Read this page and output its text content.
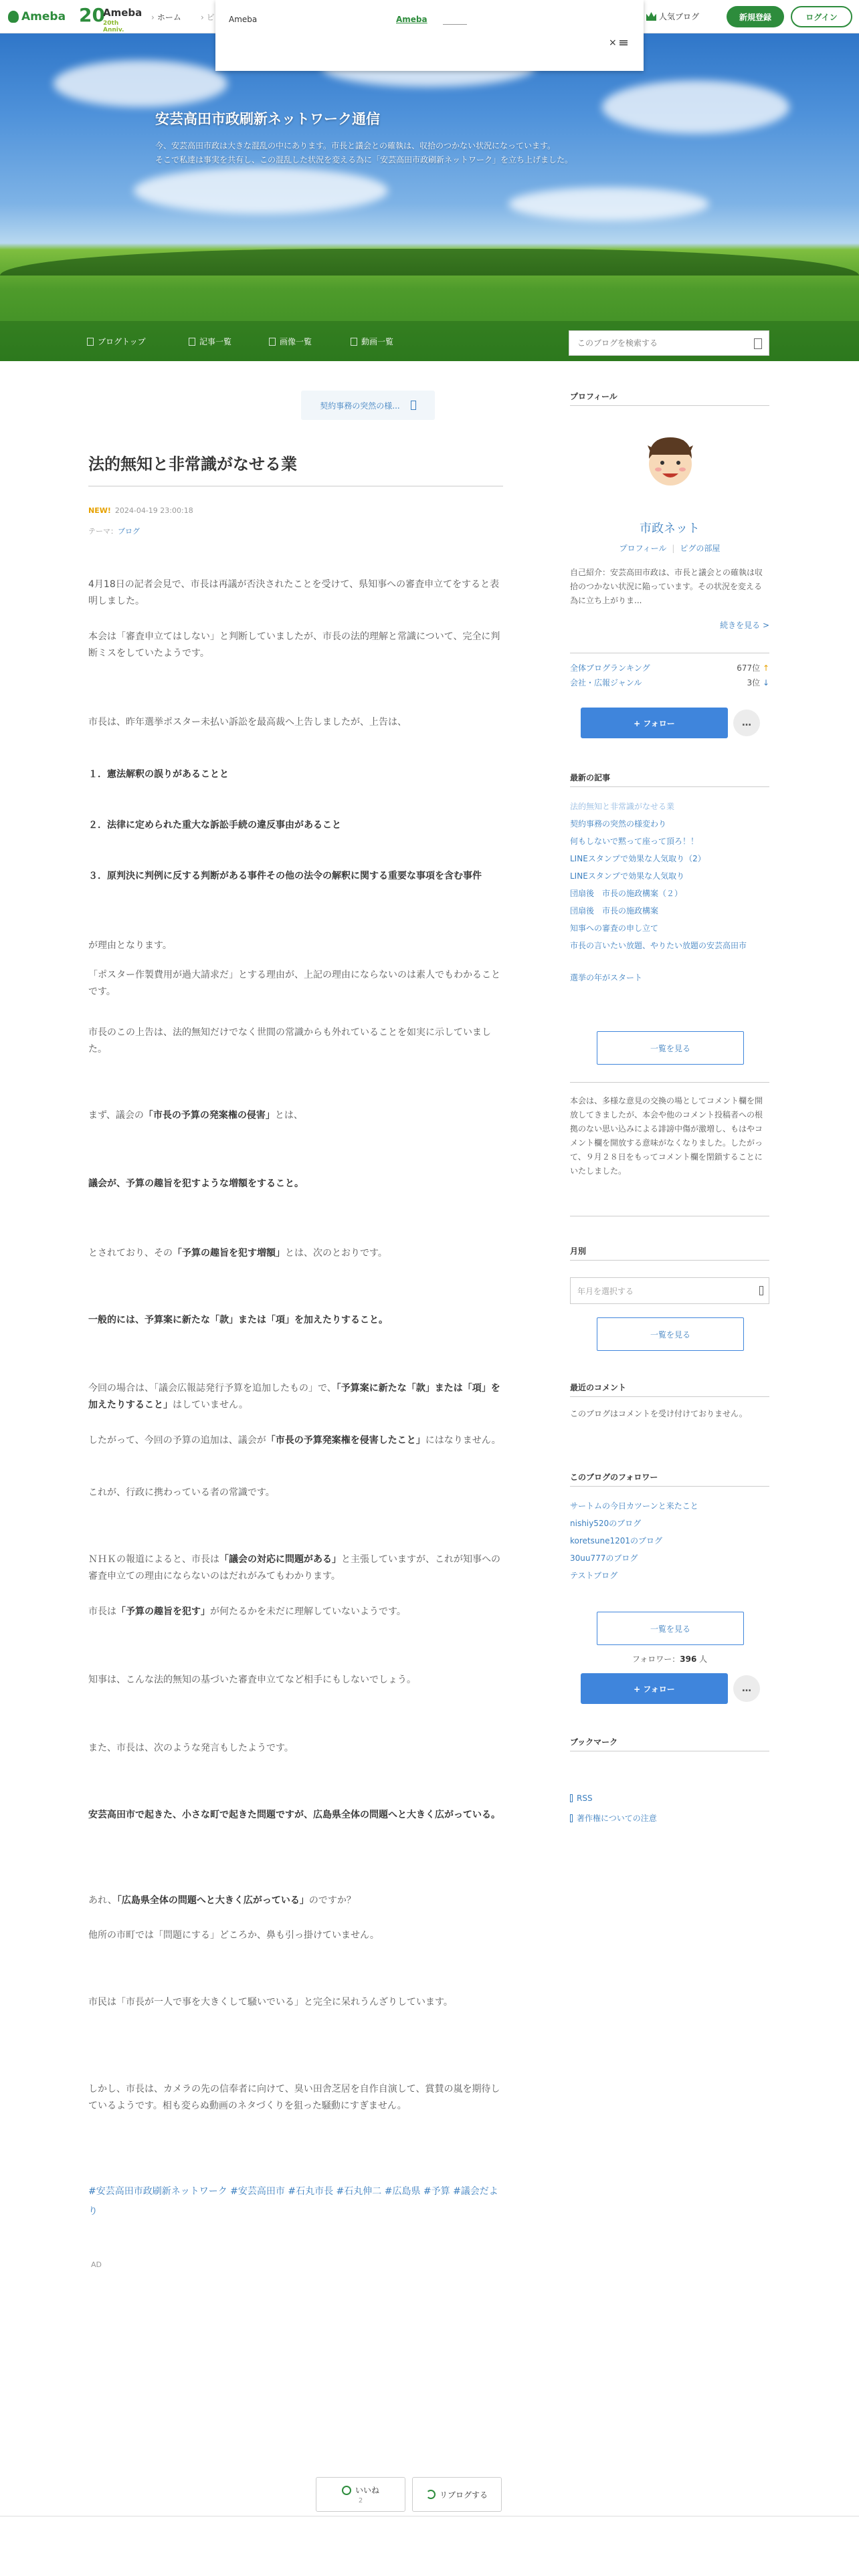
Ameba 20
Ameba
20th Anniv.
› ホーム › ビ	人気ブログ	新規登録	ログイン
Ameba	Ameba
×
安芸高田市政刷新ネットワーク通信
今、安芸高田市政は大きな混乱の中にあります。市長と議会との確執は、収拾のつかない状況になっています。
そこで私達は事実を共有し、この混乱した状況を変える為に「安芸高田市政刷新ネットワーク」を立ち上げました。
ブログトップ	記事一覧	画像一覧	動画一覧
このブログを検索する
契約事務の突然の様...
法的無知と非常識がなせる業
NEW! 2024-04-19 23:00:18
テーマ：ブログ
4月18日の記者会見で、市長は再議が否決されたことを受けて、県知事への審査申立てをすると表明しました。
本会は「審査申立てはしない」と判断していましたが、市長の法的理解と常識について、完全に判断ミスをしていたようです。
市長は、昨年選挙ポスター未払い訴訟を最高裁へ上告しましたが、上告は、
１．憲法解釈の誤りがあることと
２．法律に定められた重大な訴訟手続の違反事由があること
３．原判決に判例に反する判断がある事件その他の法令の解釈に関する重要な事項を含む事件
が理由となります。
「ポスター作製費用が過大請求だ」とする理由が、上記の理由にならないのは素人でもわかることです。
市長のこの上告は、法的無知だけでなく世間の常識からも外れていることを如実に示していました。
まず、議会の「市長の予算の発案権の侵害」とは、
議会が、予算の趣旨を犯すような増額をすること。
とされており、その「予算の趣旨を犯す増額」とは、次のとおりです。
一般的には、予算案に新たな「款」または「項」を加えたりすること。
今回の場合は、「議会広報誌発行予算を追加したもの」で、「予算案に新たな「款」または「項」を加えたりすること」はしていません。
したがって、今回の予算の追加は、議会が「市長の予算発案権を侵害したこと」にはなりません。
これが、行政に携わっている者の常識です。
ＮＨＫの報道によると、市長は「議会の対応に問題がある」と主張していますが、これが知事への審査申立ての理由にならないのはだれがみてもわかります。
市長は「予算の趣旨を犯す」が何たるかを未だに理解していないようです。
知事は、こんな法的無知の基づいた審査申立てなど相手にもしないでしょう。
また、市長は、次のような発言もしたようです。
安芸高田市で起きた、小さな町で起きた問題ですが、広島県全体の問題へと大きく広がっている。
あれ、「広島県全体の問題へと大きく広がっている」のですか？
他所の市町では「問題にする」どころか、鼻も引っ掛けていません。
市民は「市長が一人で事を大きくして騒いでいる」と完全に呆れうんざりしています。
しかし、市長は、カメラの先の信奉者に向けて、臭い田舎芝居を自作自演して、賞賛の嵐を期待しているようです。相も変らぬ動画のネタづくりを狙った騒動にすぎません。
#安芸高田市政刷新ネットワーク #安芸高田市 #石丸市長 #石丸伸二 #広島県 #予算 #議会だより
AD
いいね
2
リブログする
プロフィール
市政ネット
プロフィール | ピグの部屋
自己紹介：安芸高田市政は、市長と議会との確執は収拾のつかない状況に陥っています。その状況を変える為に立ち上がりま...
続きを見る >
全体ブログランキング	677位 ↑
会社・広報ジャンル	3位 ↓
+ フォロー	…
最新の記事
法的無知と非常識がなせる業
契約事務の突然の様変わり
何もしないで黙って座って頂ろ！！
LINEスタンプで効果な人気取り（2）
LINEスタンプで効果な人気取り
団扇後　市長の施政構案（２）
団扇後　市長の施政構案
知事への審査の申し立て
市長の言いたい放題、やりたい放題の安芸高田市
選挙の年がスタート
一覧を見る
本会は、多様な意見の交換の場としてコメント欄を開放してきましたが、本会や他のコメント投稿者への根拠のない思い込みによる誹謗中傷が激増し、もはやコメント欄を開放する意味がなくなりました。したがって、９月２８日をもってコメント欄を閉鎖することにいたしました。
月別
年月を選択する
一覧を見る
最近のコメント
このブログはコメントを受け付けておりません。
このブログのフォロワー
サートムの今日カツーンと来たこと
nishiy520のブログ
koretsune1201のブログ
30uu777のブログ
テストブログ
一覧を見る
フォロワー：396 人
+ フォロー	…
ブックマーク
RSS
著作権についての注意
